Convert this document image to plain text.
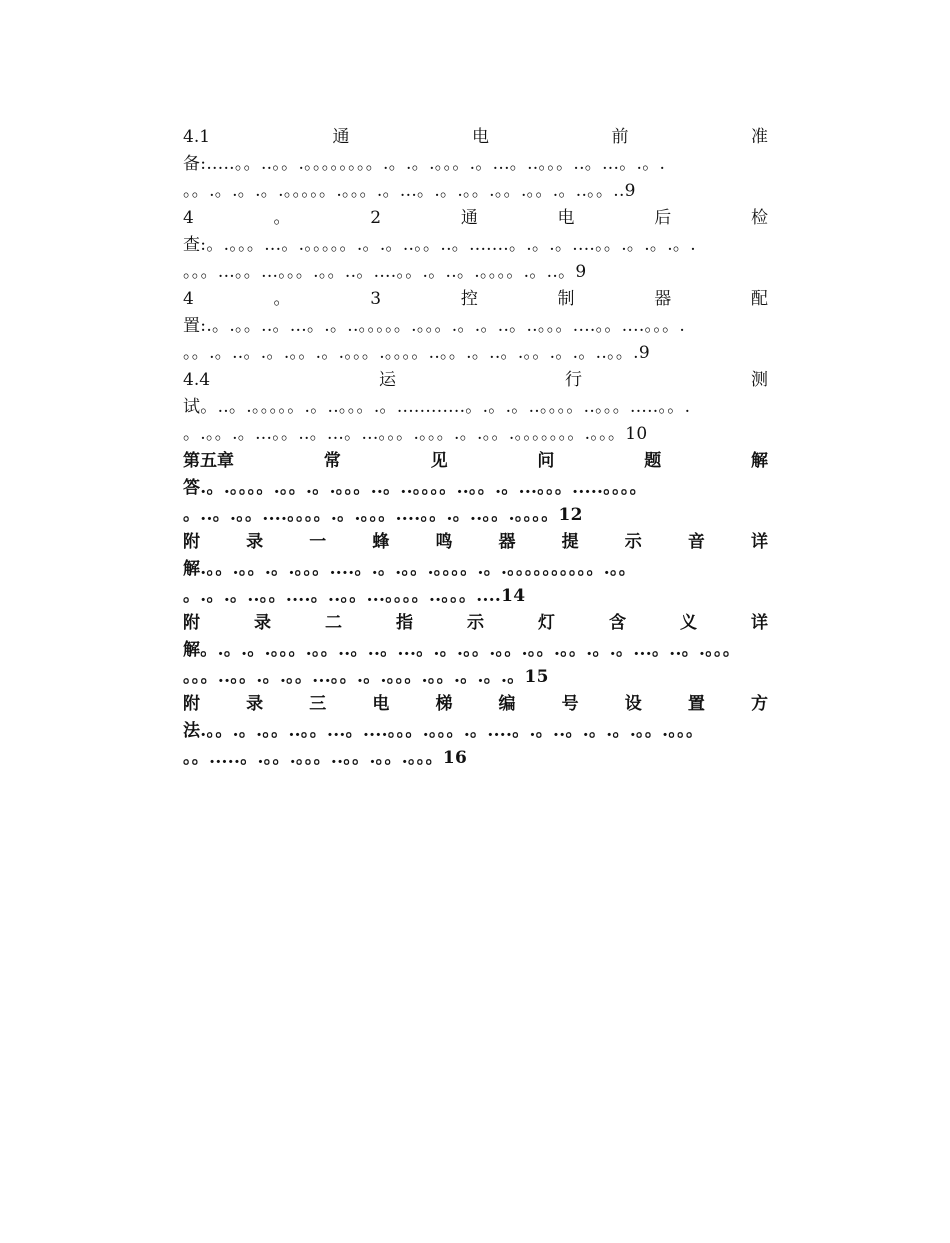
4.1	通	电	前	准
备:.....。。..。。.。。。。。。。。.。.。.。。。.。...。..。。。..。...。.。.
。。.。.。.。.。。。。。.。。。.。...。.。.。。.。。.。。.。..。。..9
4	。	2	通	电	后	检
查:。.。。。...。.。。。。。.。.。..。。..。.......。.。.。....。。.。.。.。.
。。。...。。...。。。.。。..。....。。.。..。.。。。。.。..。9
4	。	3	控	制	器	配
置:.。.。。..。...。.。..。。。。。.。。。.。.。..。..。。。....。。....。。。.
。。.。..。.。.。。.。.。。。.。。。。..。。.。..。.。。.。.。..。。.9
4.4	运	行	测
试。..。.。。。。。.。..。。。.。............。.。.。..。。。。..。。。.....。。.
。.。。.。...。。..。...。...。。。.。。。.。.。。.。。。。。。。.。。。10
第五章	常	见	问	题	解
答.。.。。。。.。。.。.。。。..。..。。。。..。。.。...。。。.....。。。。
。..。.。。....。。。。.。.。。。....。。.。..。。.。。。。12
附	录	一	蜂	鸣	器	提	示	音	详
解.。。.。。.。.。。。....。.。.。。.。。。。.。.。。。。。。。。。。.。。
。.。.。..。。....。..。。...。。。。..。。。....14
附	录	二	指	示	灯	含	义	详
解。.。.。.。。。.。。..。..。...。.。.。。.。。.。。.。。.。.。...。..。.。。。
。。。..。。.。.。。...。。.。.。。。.。。.。.。.。15
附	录	三	电	梯	编	号	设	置	方
法.。。.。.。。..。。...。....。。。.。。。.。....。.。..。.。.。.。。.。。。
。。.....。.。。.。。。..。。.。。.。。。16
